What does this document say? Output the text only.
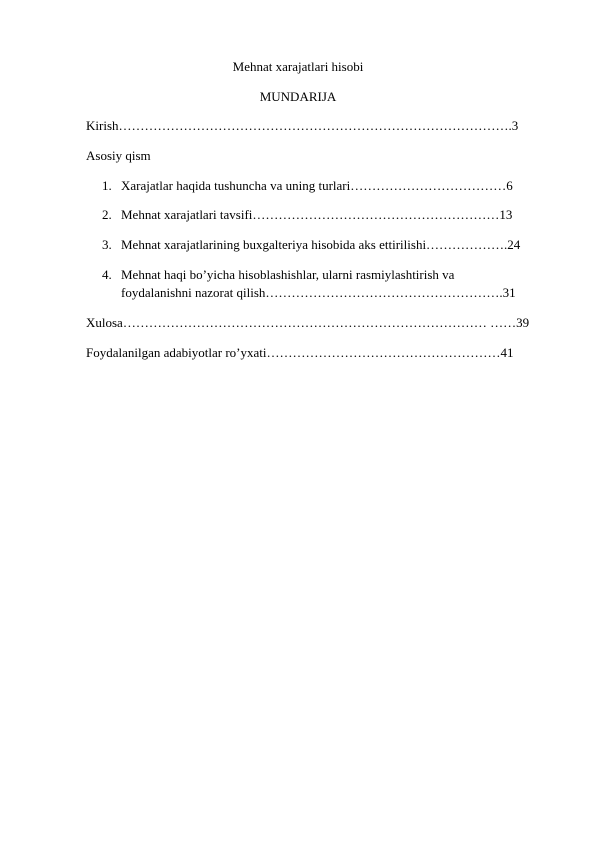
Mehnat xarajatlari hisobi
MUNDARIJA
Kirish……………………………………………………………………………….3
Asosiy qism
1. Xarajatlar haqida tushuncha va uning turlari………………………………6
2. Mehnat xarajatlari tavsifi…………………………………………………13
3. Mehnat xarajatlarining buxgalteriya hisobida aks ettirilishi……………….24
4. Mehnat haqi bo’yicha hisoblashishlar, ularni rasmiylashtirish va
foydalanishni nazorat qilish……………………………………………….31
Xulosa………………………………………………………………………… ……39
Foydalanilgan adabiyotlar ro’yxati………………………………………………41
